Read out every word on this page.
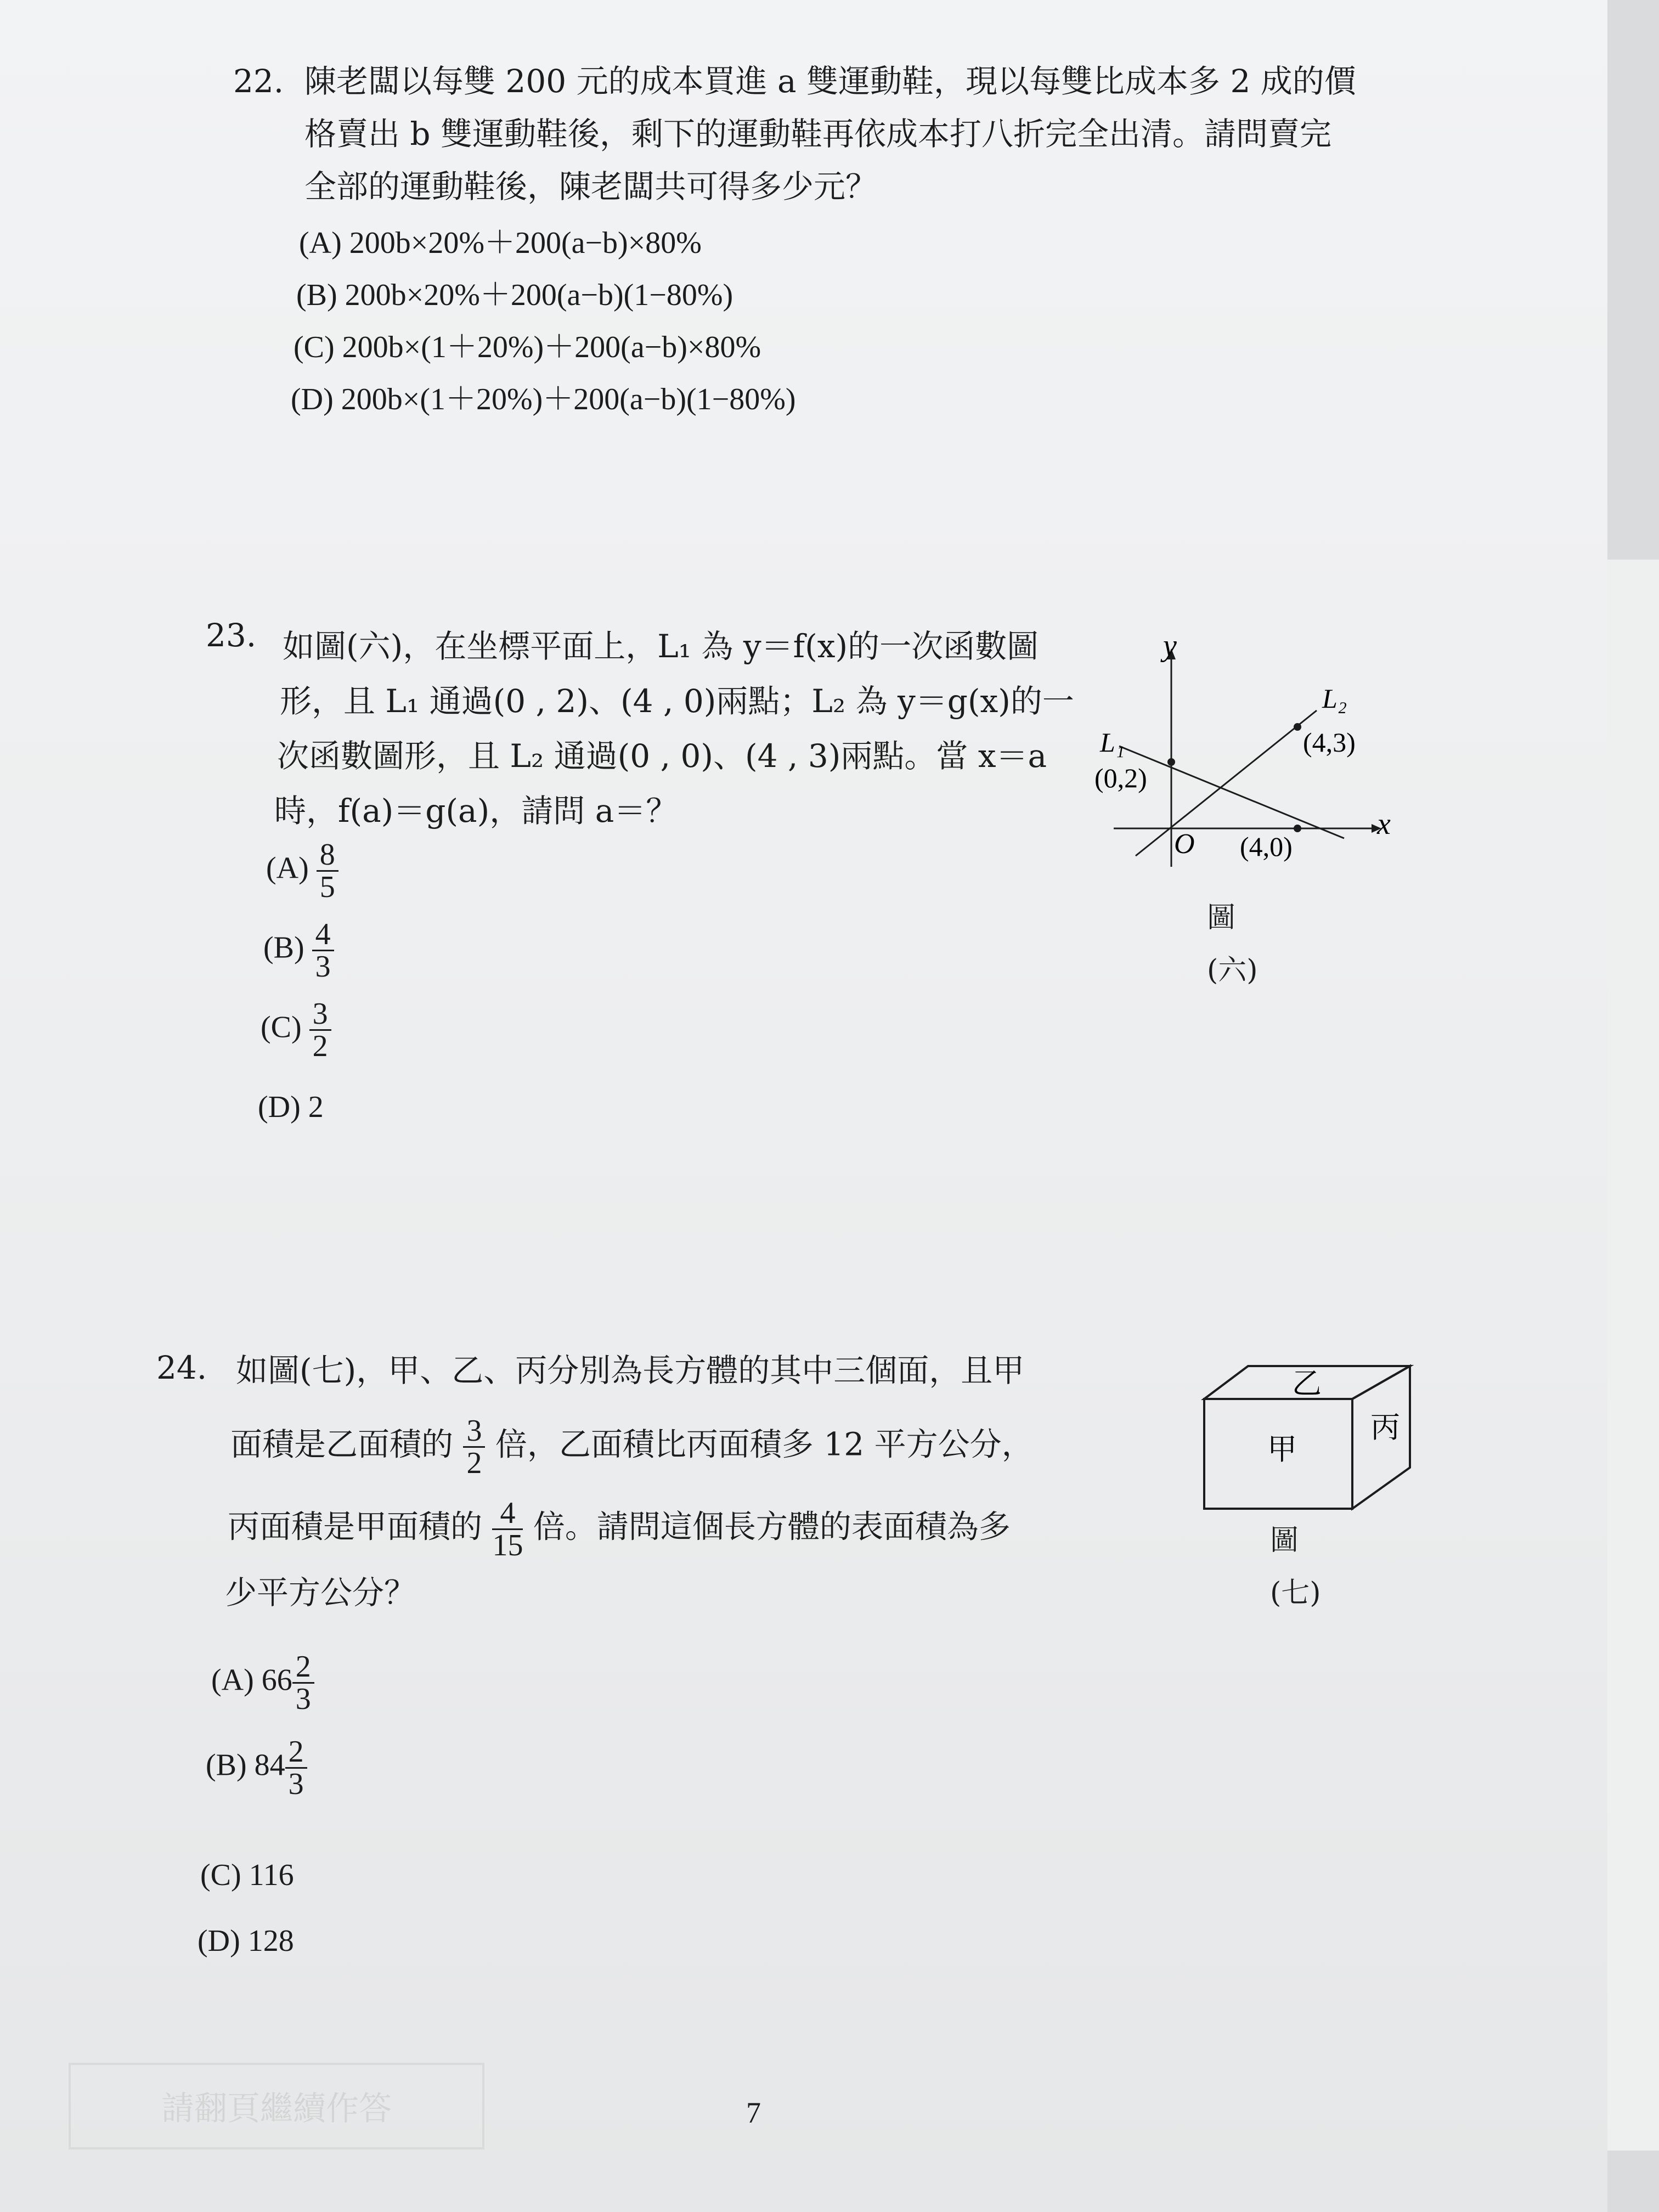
22. 陳老闆以每雙 200 元的成本買進 a 雙運動鞋，現以每雙比成本多 2 成的價
格賣出 b 雙運動鞋後，剩下的運動鞋再依成本打八折完全出清。請問賣完
全部的運動鞋後，陳老闆共可得多少元？
(A) 200b×20%＋200(a−b)×80%
(B) 200b×20%＋200(a−b)(1−80%)
(C) 200b×(1＋20%)＋200(a−b)×80%
(D) 200b×(1＋20%)＋200(a−b)(1−80%)
23. 如圖(六)，在坐標平面上，L₁ 為 y＝f(x)的一次函數圖
形，且 L₁ 通過(0 , 2)、(4 , 0)兩點；L₂ 為 y＝g(x)的一
次函數圖形，且 L₂ 通過(0 , 0)、(4 , 3)兩點。當 x＝a
時，f(a)＝g(a)，請問 a＝？
$(A) \frac{8}{5}$
$(B) \frac{4}{3}$
$(C) \frac{3}{2}$
(D) 2
y
x
O
L₁
L₂
(0,2)
(4,3)
(4,0)
圖(六)
24. 如圖(七)，甲、乙、丙分別為長方體的其中三個面，且甲
面積是乙面積的 $\frac{3}{2}$ 倍，乙面積比丙面積多 12 平方公分，
丙面積是甲面積的 $\frac{4}{15}$ 倍。請問這個長方體的表面積為多
少平方公分？
(A) $66 \frac{2}{3}$
(B) $84 \frac{2}{3}$
(C) 116
(D) 128
甲
乙
丙
圖(七)
請翻頁繼續作答	7
